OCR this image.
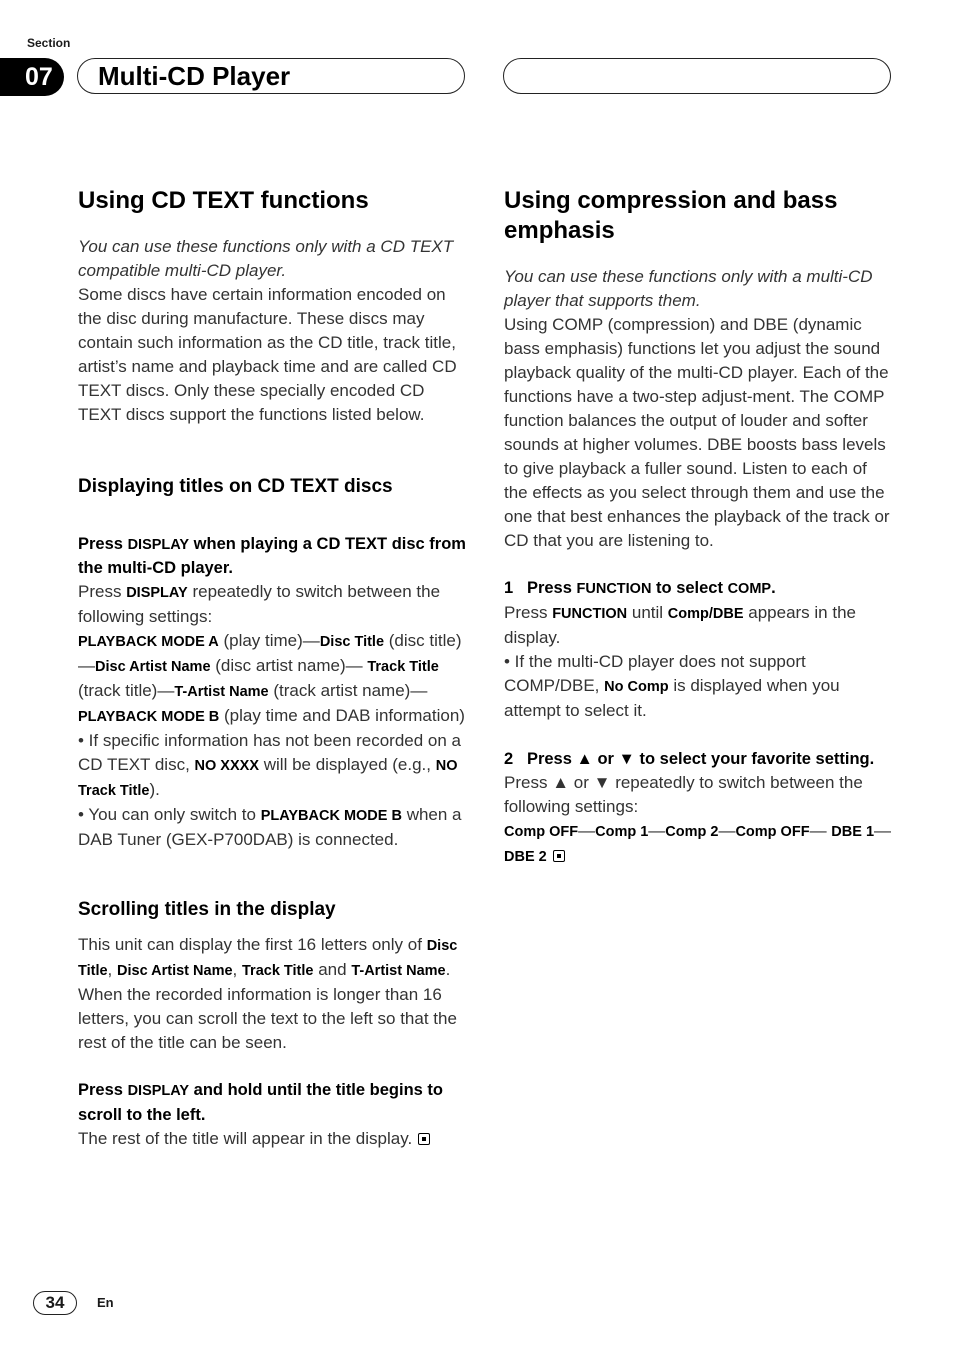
Section
07	Multi-CD Player
Using CD TEXT functions

You can use these functions only with a CD TEXT compatible multi-CD player.

Some discs have certain information encoded on the disc during manufacture. These discs may contain such information as the CD title, track title, artist’s name and playback time and are called CD TEXT discs. Only these specially encoded CD TEXT discs support the functions listed below.

Displaying titles on CD TEXT discs

Press DISPLAY when playing a CD TEXT disc from the multi-CD player.

Press DISPLAY repeatedly to switch between the following settings:

PLAYBACK MODE A (play time)—Disc Title (disc title)—Disc Artist Name (disc artist name)— Track Title (track title)—T-Artist Name (track artist name)—PLAYBACK MODE B (play time and DAB information)

• If specific information has not been recorded on a CD TEXT disc, NO XXXX will be displayed (e.g., NO Track Title).

• You can only switch to PLAYBACK MODE B when a DAB Tuner (GEX-P700DAB) is connected.

Scrolling titles in the display

This unit can display the first 16 letters only of Disc Title, Disc Artist Name, Track Title and T-Artist Name. When the recorded information is longer than 16 letters, you can scroll the text to the left so that the rest of the title can be seen.

Press DISPLAY and hold until the title begins to scroll to the left.

The rest of the title will appear in the display.

Using compression and bass emphasis

You can use these functions only with a multi-CD player that supports them.

Using COMP (compression) and DBE (dynamic bass emphasis) functions let you adjust the sound playback quality of the multi-CD player. Each of the functions have a two-step adjust-ment. The COMP function balances the output of louder and softer sounds at higher volumes. DBE boosts bass levels to give playback a fuller sound. Listen to each of the effects as you select through them and use the one that best enhances the playback of the track or CD that you are listening to.

1 Press FUNCTION to select COMP.

Press FUNCTION until Comp/DBE appears in the display.

• If the multi-CD player does not support COMP/DBE, No Comp is displayed when you attempt to select it.

2 Press ▲ or ▼ to select your favorite setting.

Press ▲ or ▼ repeatedly to switch between the following settings:

Comp OFF—Comp 1—Comp 2—Comp OFF— DBE 1—DBE 2

34	En
